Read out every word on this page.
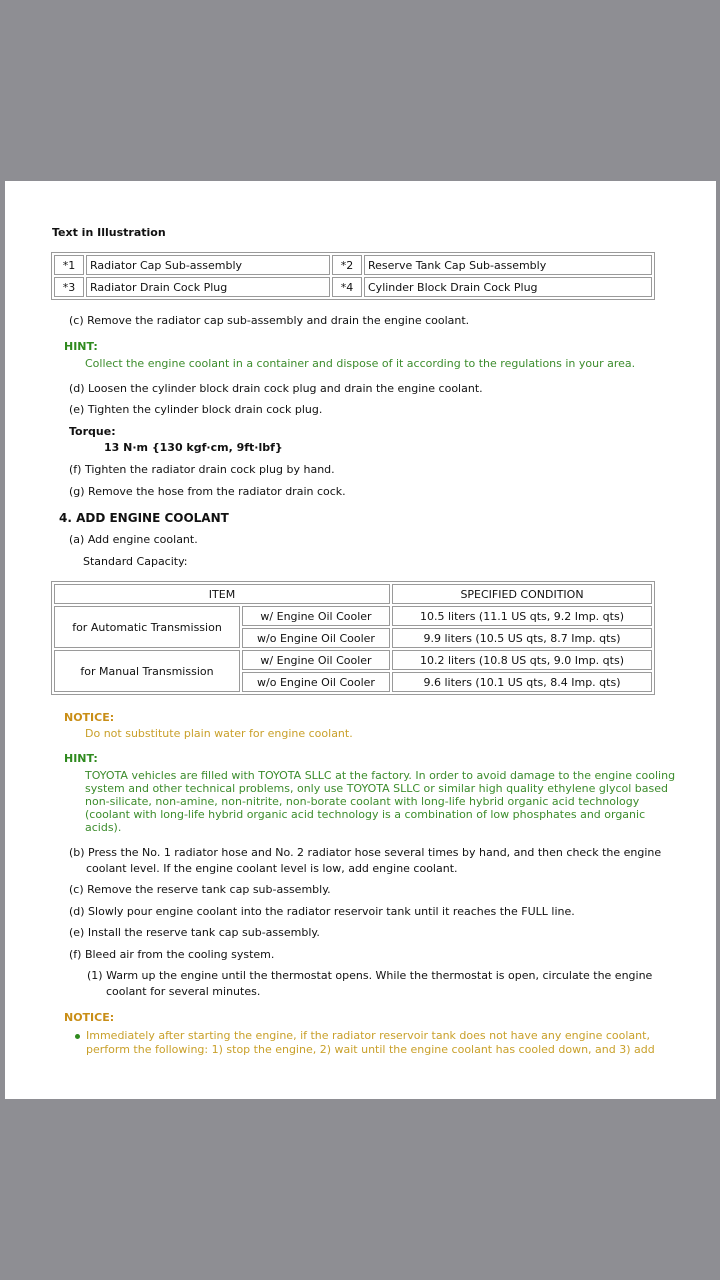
Text in Illustration
*1	Radiator Cap Sub-assembly	*2	Reserve Tank Cap Sub-assembly
*3	Radiator Drain Cock Plug	*4	Cylinder Block Drain Cock Plug
(c) Remove the radiator cap sub-assembly and drain the engine coolant.
HINT:
Collect the engine coolant in a container and dispose of it according to the regulations in your area.
(d) Loosen the cylinder block drain cock plug and drain the engine coolant.
(e) Tighten the cylinder block drain cock plug.
Torque:
13 N·m {130 kgf·cm, 9ft·lbf}
(f) Tighten the radiator drain cock plug by hand.
(g) Remove the hose from the radiator drain cock.
4. ADD ENGINE COOLANT
(a) Add engine coolant.
Standard Capacity:
ITEM		SPECIFIED CONDITION
for Automatic Transmission	w/ Engine Oil Cooler	10.5 liters (11.1 US qts, 9.2 Imp. qts)
	w/o Engine Oil Cooler	9.9 liters (10.5 US qts, 8.7 Imp. qts)
for Manual Transmission	w/ Engine Oil Cooler	10.2 liters (10.8 US qts, 9.0 Imp. qts)
	w/o Engine Oil Cooler	9.6 liters (10.1 US qts, 8.4 Imp. qts)
NOTICE:
Do not substitute plain water for engine coolant.
HINT:
TOYOTA vehicles are filled with TOYOTA SLLC at the factory. In order to avoid damage to the engine cooling
system and other technical problems, only use TOYOTA SLLC or similar high quality ethylene glycol based
non-silicate, non-amine, non-nitrite, non-borate coolant with long-life hybrid organic acid technology
(coolant with long-life hybrid organic acid technology is a combination of low phosphates and organic
acids).
(b) Press the No. 1 radiator hose and No. 2 radiator hose several times by hand, and then check the engine
coolant level. If the engine coolant level is low, add engine coolant.
(c) Remove the reserve tank cap sub-assembly.
(d) Slowly pour engine coolant into the radiator reservoir tank until it reaches the FULL line.
(e) Install the reserve tank cap sub-assembly.
(f) Bleed air from the cooling system.
(1) Warm up the engine until the thermostat opens. While the thermostat is open, circulate the engine
coolant for several minutes.
NOTICE:
Immediately after starting the engine, if the radiator reservoir tank does not have any engine coolant,
perform the following: 1) stop the engine, 2) wait until the engine coolant has cooled down, and 3) add
